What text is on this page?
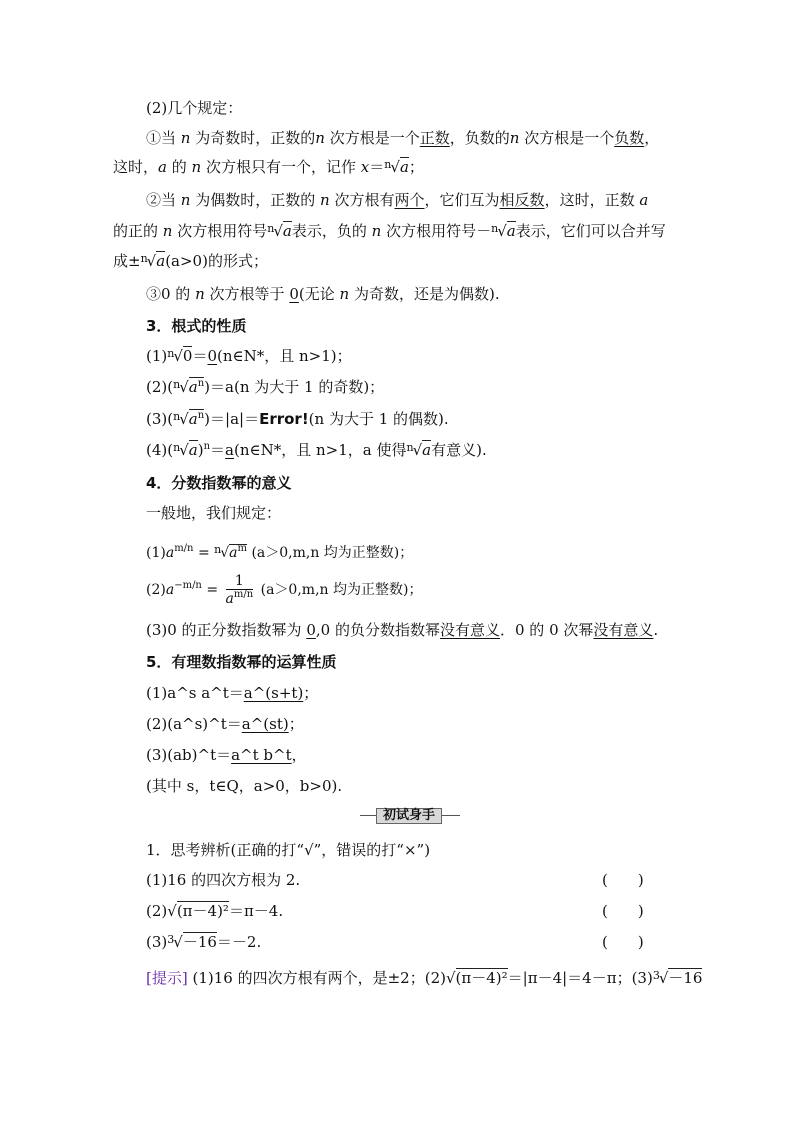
(2)几个规定：
①当 n 为奇数时，正数的n 次方根是一个正数，负数的n 次方根是一个负数，
这时，a 的 n 次方根只有一个，记作 x＝$^n$√a；
②当 n 为偶数时，正数的 n 次方根有两个，它们互为相反数，这时，正数 a
的正的 n 次方根用符号$^n$√a表示，负的 n 次方根用符号－$^n$√a表示，它们可以合并写
成±$^n$√a(a>0)的形式；
③0 的 n 次方根等于 0(无论 n 为奇数，还是为偶数).
3．根式的性质
$(1)^n√0=0(n\in N*$，且 n>1)；
$(2)(^n√a^n)=a(n$ 为大于 1 的奇数)；
$(3)(^n√a^n)=|a|=Error!(n$ 为大于 1 的偶数).
$(4)(^n√a)^n=a(n\in N*$，且 n>1，a 使得$^n$√a有意义).
4．分数指数幂的意义
一般地，我们规定：
$(1)a^{m/n} = ^n√a^m$ (a＞0,m,n 均为正整数)；
$(2)a^{-m/n} = \frac{1}{a^{m/n}} (a>0,m,n$ 均为正整数)；
(3)0 的正分数指数幂为 0,0 的负分数指数幂没有意义．0 的 0 次幂没有意义.
5．有理数指数幂的运算性质
(1)a^s a^t＝a^(s+t)；
(2)(a^s)^t＝a^(st)；
(3)(ab)^t＝a^t b^t，
(其中 s，t∈Q，a>0，b>0).
初试身手
1．思考辨析(正确的打“√”，错误的打“×”)
(1)16 的四次方根为 2.	(　　)
(2)√(π－4)²＝π－4.	(　　)
$(3)^3√-16=-2$.	(　　)
[提示] (1)16 的四次方根有两个，是±2；(2)√(π－4)²＝|π－4|＝4－π；$(3)^3√-16$
